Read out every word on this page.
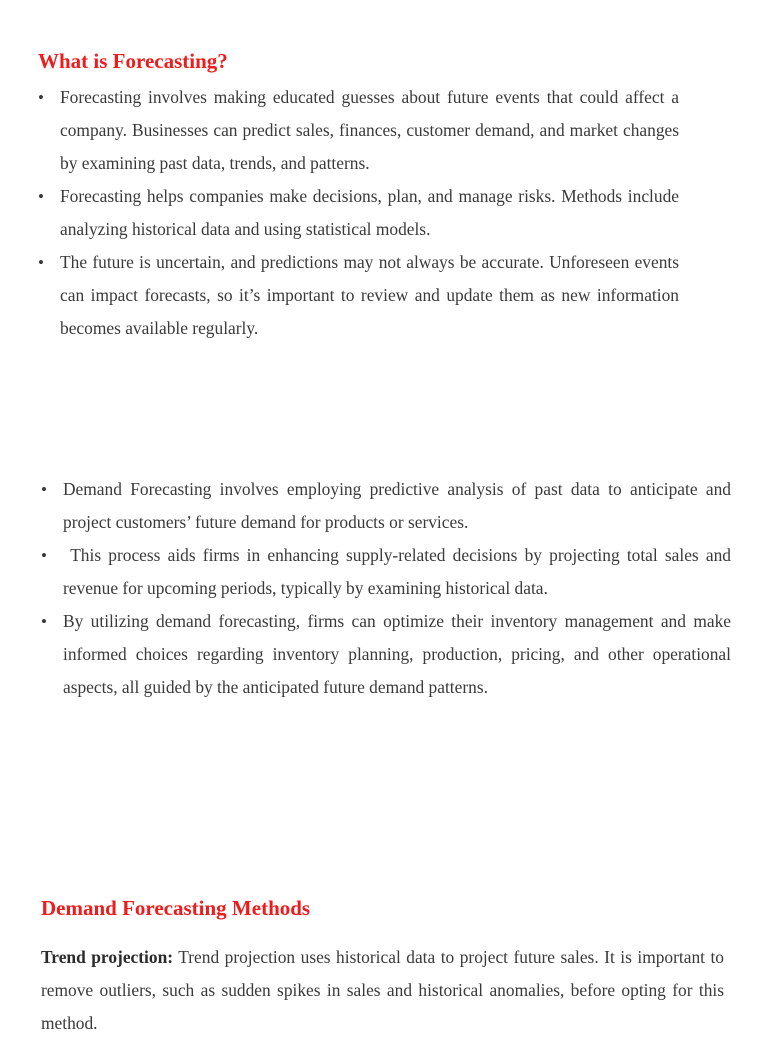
What is Forecasting?
• Forecasting involves making educated guesses about future events that could affect a company. Businesses can predict sales, finances, customer demand, and market changes by examining past data, trends, and patterns.
• Forecasting helps companies make decisions, plan, and manage risks. Methods include analyzing historical data and using statistical models.
• The future is uncertain, and predictions may not always be accurate. Unforeseen events can impact forecasts, so it’s important to review and update them as new information becomes available regularly.
• Demand Forecasting involves employing predictive analysis of past data to anticipate and project customers’ future demand for products or services.
• This process aids firms in enhancing supply-related decisions by projecting total sales and revenue for upcoming periods, typically by examining historical data.
• By utilizing demand forecasting, firms can optimize their inventory management and make informed choices regarding inventory planning, production, pricing, and other operational aspects, all guided by the anticipated future demand patterns.
Demand Forecasting Methods

Trend projection: Trend projection uses historical data to project future sales. It is important to remove outliers, such as sudden spikes in sales and historical anomalies, before opting for this method.
